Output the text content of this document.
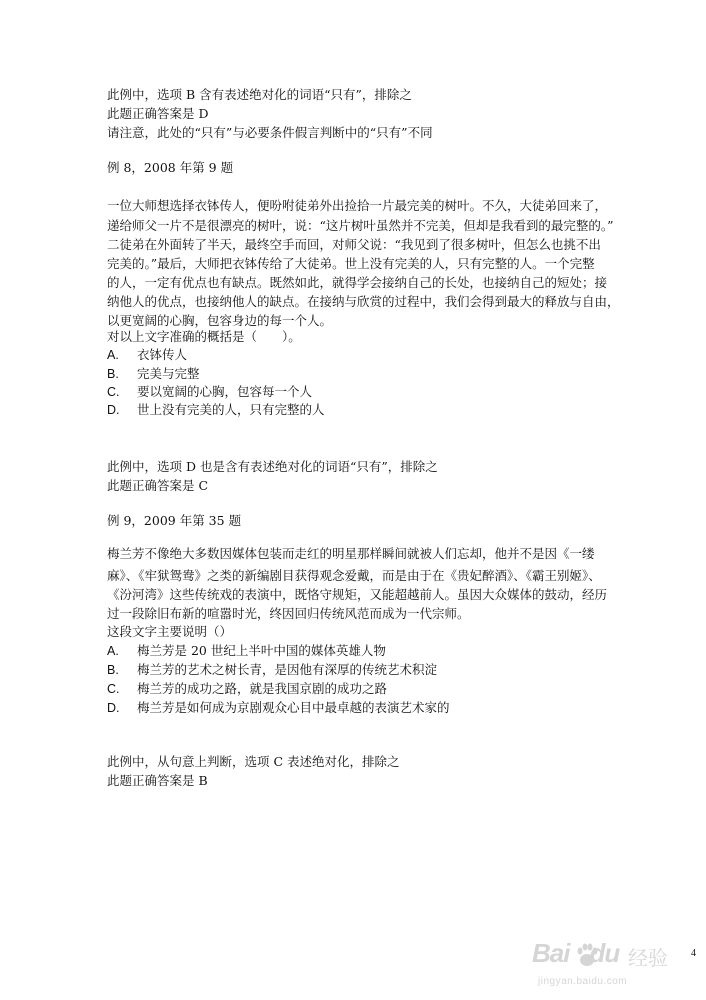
此例中，选项 B 含有表述绝对化的词语“只有”，排除之
此题正确答案是 D
请注意，此处的“只有”与必要条件假言判断中的“只有”不同
例 8，2008 年第 9 题
一位大师想选择衣钵传人，便吩咐徒弟外出捡拾一片最完美的树叶。不久，大徒弟回来了，
递给师父一片不是很漂亮的树叶，说：“这片树叶虽然并不完美，但却是我看到的最完整的。”
二徒弟在外面转了半天，最终空手而回，对师父说：“我见到了很多树叶，但怎么也挑不出
完美的。”最后，大师把衣钵传给了大徒弟。世上没有完美的人，只有完整的人。一个完整
的人，一定有优点也有缺点。既然如此，就得学会接纳自己的长处，也接纳自己的短处；接
纳他人的优点，也接纳他人的缺点。在接纳与欣赏的过程中，我们会得到最大的释放与自由，
以更宽阔的心胸，包容身边的每一个人。
对以上文字准确的概括是（　　）。
A. 衣钵传人
B. 完美与完整
C. 要以宽阔的心胸，包容每一个人
D. 世上没有完美的人，只有完整的人
此例中，选项 D 也是含有表述绝对化的词语“只有”，排除之
此题正确答案是 C
例 9，2009 年第 35 题
梅兰芳不像绝大多数因媒体包装而走红的明星那样瞬间就被人们忘却，他并不是因《一缕
麻》、《牢狱鸳鸯》之类的新编剧目获得观念爱戴，而是由于在《贵妃醉酒》、《霸王别姬》、
《汾河湾》这些传统戏的表演中，既恪守规矩，又能超越前人。虽因大众媒体的鼓动，经历
过一段除旧布新的喧嚣时光，终因回归传统风范而成为一代宗师。
这段文字主要说明（）
A. 梅兰芳是 20 世纪上半叶中国的媒体英雄人物
B. 梅兰芳的艺术之树长青，是因他有深厚的传统艺术积淀
C. 梅兰芳的成功之路，就是我国京剧的成功之路
D. 梅兰芳是如何成为京剧观众心目中最卓越的表演艺术家的
此例中，从句意上判断，选项 C 表述绝对化，排除之
此题正确答案是 B
4
Bai du 经验
jingyan.baidu.com
